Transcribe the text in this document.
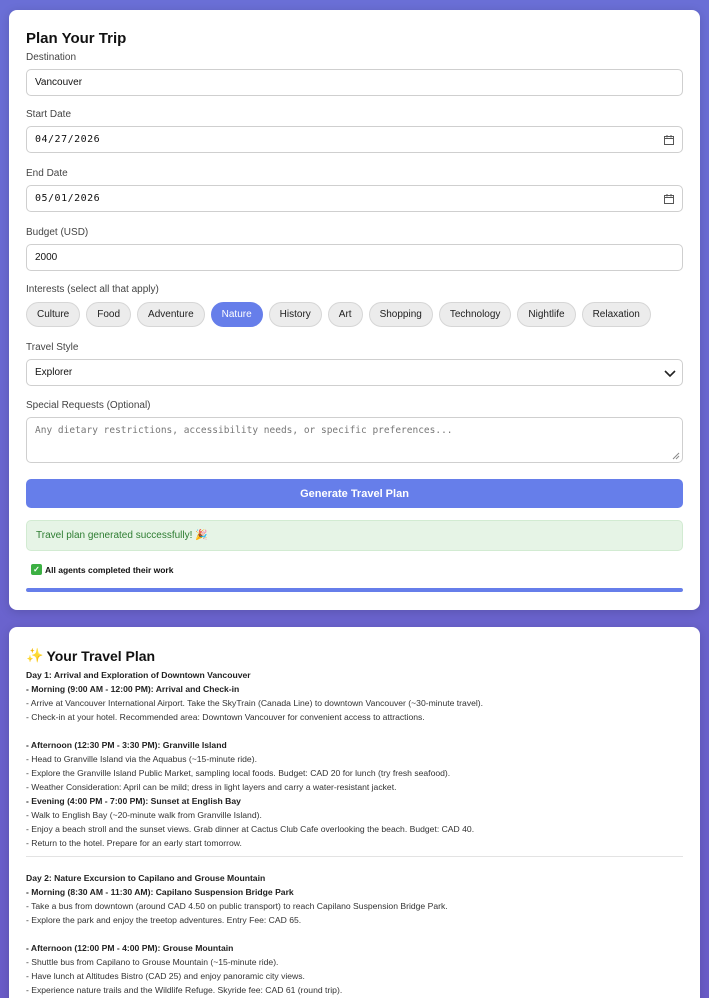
Plan Your Trip
Destination
Vancouver
Start Date
04/27/2026
End Date
05/01/2026
Budget (USD)
2000
Interests (select all that apply)
Culture	Food	Adventure	Nature	History	Art	Shopping	Technology	Nightlife	Relaxation
Travel Style
Explorer
Special Requests (Optional)
Any dietary restrictions, accessibility needs, or specific preferences...
Generate Travel Plan
Travel plan generated successfully! 🎉
✓ All agents completed their work
✨ Your Travel Plan
Day 1: Arrival and Exploration of Downtown Vancouver
- Morning (9:00 AM - 12:00 PM): Arrival and Check-in
- Arrive at Vancouver International Airport. Take the SkyTrain (Canada Line) to downtown Vancouver (~30-minute travel).
- Check-in at your hotel. Recommended area: Downtown Vancouver for convenient access to attractions.
- Afternoon (12:30 PM - 3:30 PM): Granville Island
- Head to Granville Island via the Aquabus (~15-minute ride).
- Explore the Granville Island Public Market, sampling local foods. Budget: CAD 20 for lunch (try fresh seafood).
- Weather Consideration: April can be mild; dress in light layers and carry a water-resistant jacket.
- Evening (4:00 PM - 7:00 PM): Sunset at English Bay
- Walk to English Bay (~20-minute walk from Granville Island).
- Enjoy a beach stroll and the sunset views. Grab dinner at Cactus Club Cafe overlooking the beach. Budget: CAD 40.
- Return to the hotel. Prepare for an early start tomorrow.
Day 2: Nature Excursion to Capilano and Grouse Mountain
- Morning (8:30 AM - 11:30 AM): Capilano Suspension Bridge Park
- Take a bus from downtown (around CAD 4.50 on public transport) to reach Capilano Suspension Bridge Park.
- Explore the park and enjoy the treetop adventures. Entry Fee: CAD 65.
- Afternoon (12:00 PM - 4:00 PM): Grouse Mountain
- Shuttle bus from Capilano to Grouse Mountain (~15-minute ride).
- Have lunch at Altitudes Bistro (CAD 25) and enjoy panoramic city views.
- Experience nature trails and the Wildlife Refuge. Skyride fee: CAD 61 (round trip).
